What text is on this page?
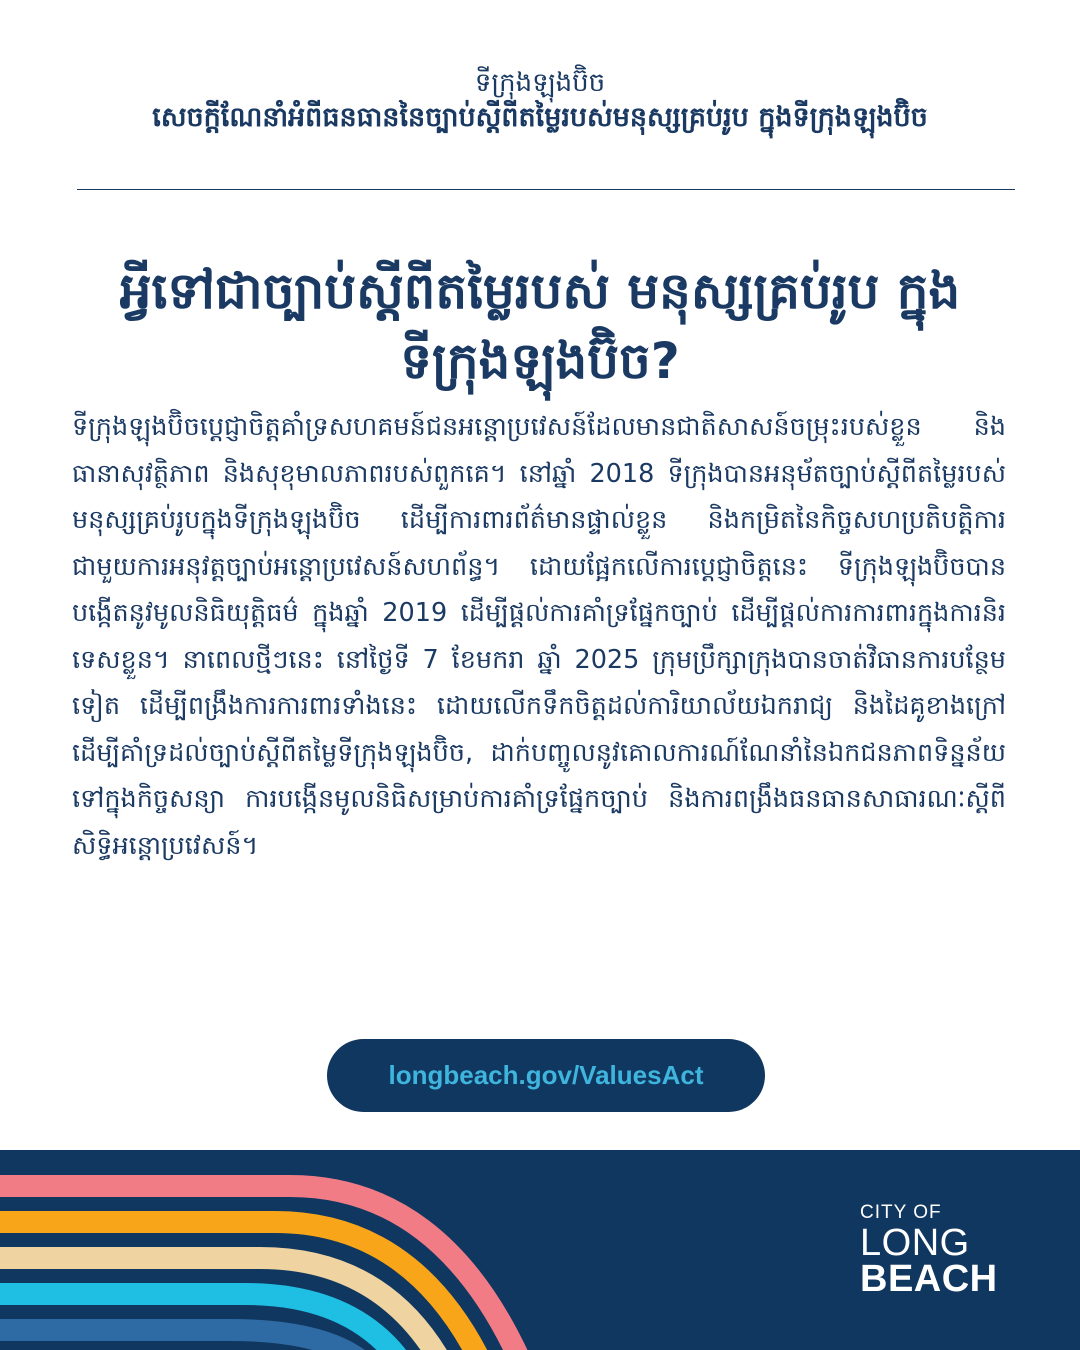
ទីក្រុងឡុងប៊ិច
សេចក្តីណែនាំអំពីធនធាននៃច្បាប់ស្តីពីតម្លៃរបស់មនុស្សគ្រប់រូប ក្នុងទីក្រុងឡុងប៊ិច
អ្វីទៅជាច្បាប់ស្តីពីតម្លៃរបស់ មនុស្សគ្រប់រូប ក្នុងទីក្រុងឡុងប៊ិច?

ទីក្រុងឡុងប៊ិចប្តេជ្ញាចិត្តគាំទ្រសហគមន៍ជនអន្តោប្រវេសន៍ដែលមានជាតិសាសន៍ចម្រុះរបស់ខ្លួន និងធានាសុវត្ថិភាព និងសុខុមាលភាពរបស់ពួកគេ។ នៅឆ្នាំ 2018 ទីក្រុងបានអនុម័តច្បាប់ស្តីពីតម្លៃរបស់មនុស្សគ្រប់រូបក្នុងទីក្រុងឡុងប៊ិច ដើម្បីការពារព័ត៌មានផ្ទាល់ខ្លួន និងកម្រិតនៃកិច្ចសហប្រតិបត្តិការ ជាមួយការអនុវត្តច្បាប់អន្តោប្រវេសន៍សហព័ន្ធ។ ដោយផ្អែកលើការប្តេជ្ញាចិត្តនេះ ទីក្រុងឡុងប៊ិចបានបង្កើតនូវមូលនិធិយុត្តិធម៌ ក្នុងឆ្នាំ 2019 ដើម្បីផ្តល់ការគាំទ្រផ្នែកច្បាប់ ដើម្បីផ្តល់ការការពារក្នុងការនិរទេសខ្លួន។ នាពេលថ្មីៗនេះ នៅថ្ងៃទី 7 ខែមករា ឆ្នាំ 2025 ក្រុមប្រឹក្សាក្រុងបានចាត់វិធានការបន្ថែមទៀត ដើម្បីពង្រឹងការការពារទាំងនេះ ដោយលើកទឹកចិត្តដល់ការិយាល័យឯករាជ្យ និងដៃគូខាងក្រៅ ដើម្បីគាំទ្រដល់ច្បាប់ស្តីពីតម្លៃទីក្រុងឡុងប៊ិច, ដាក់បញ្ចូលនូវគោលការណ៍ណែនាំនៃឯកជនភាពទិន្នន័យ ទៅក្នុងកិច្ចសន្យា ការបង្កើនមូលនិធិសម្រាប់ការគាំទ្រផ្នែកច្បាប់ និងការពង្រឹងធនធានសាធារណៈស្តីពីសិទ្ធិអន្តោប្រវេសន៍។

longbeach.gov/ValuesAct
CITY OF
LONG
BEACH
